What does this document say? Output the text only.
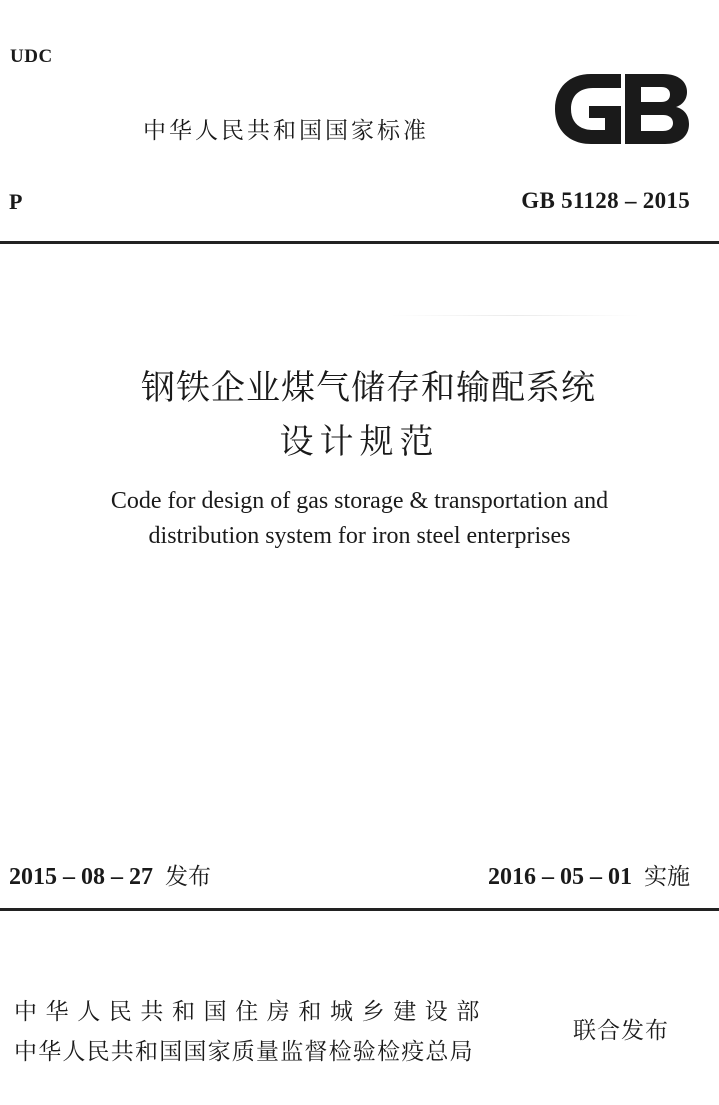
UDC
中华人民共和国国家标准
P	GB 51128 – 2015
钢铁企业煤气储存和输配系统
设计规范
Code for design of gas storage & transportation and
distribution system for iron steel enterprises
2015 – 08 – 27 发布	2016 – 05 – 01 实施
中华人民共和国住房和城乡建设部
中华人民共和国国家质量监督检验检疫总局
联合发布
